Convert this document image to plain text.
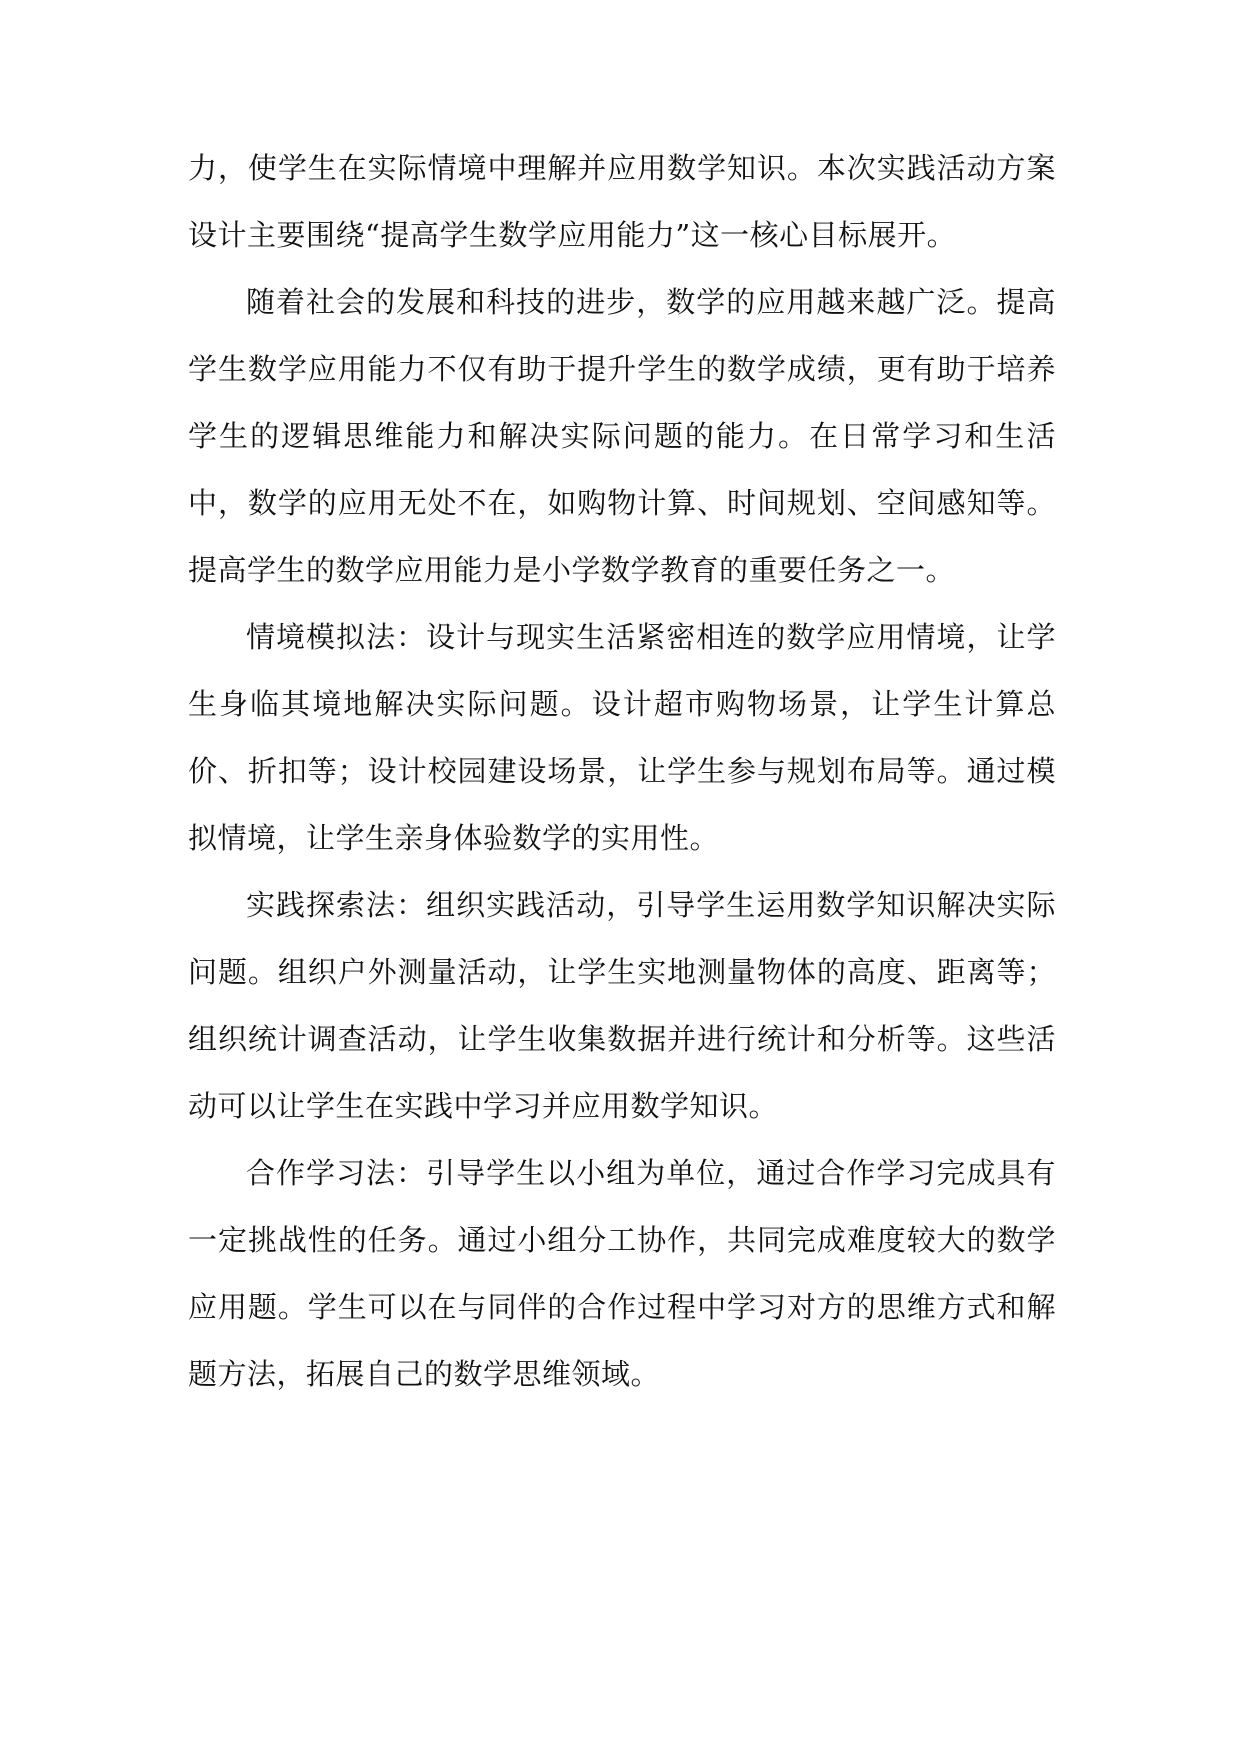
力，使学生在实际情境中理解并应用数学知识。本次实践活动方案设计主要围绕“提高学生数学应用能力”这一核心目标展开。

随着社会的发展和科技的进步，数学的应用越来越广泛。提高学生数学应用能力不仅有助于提升学生的数学成绩，更有助于培养学生的逻辑思维能力和解决实际问题的能力。在日常学习和生活中，数学的应用无处不在，如购物计算、时间规划、空间感知等。提高学生的数学应用能力是小学数学教育的重要任务之一。

情境模拟法：设计与现实生活紧密相连的数学应用情境，让学生身临其境地解决实际问题。设计超市购物场景，让学生计算总价、折扣等；设计校园建设场景，让学生参与规划布局等。通过模拟情境，让学生亲身体验数学的实用性。

实践探索法：组织实践活动，引导学生运用数学知识解决实际问题。组织户外测量活动，让学生实地测量物体的高度、距离等；组织统计调查活动，让学生收集数据并进行统计和分析等。这些活动可以让学生在实践中学习并应用数学知识。

合作学习法：引导学生以小组为单位，通过合作学习完成具有一定挑战性的任务。通过小组分工协作，共同完成难度较大的数学应用题。学生可以在与同伴的合作过程中学习对方的思维方式和解题方法，拓展自己的数学思维领域。
